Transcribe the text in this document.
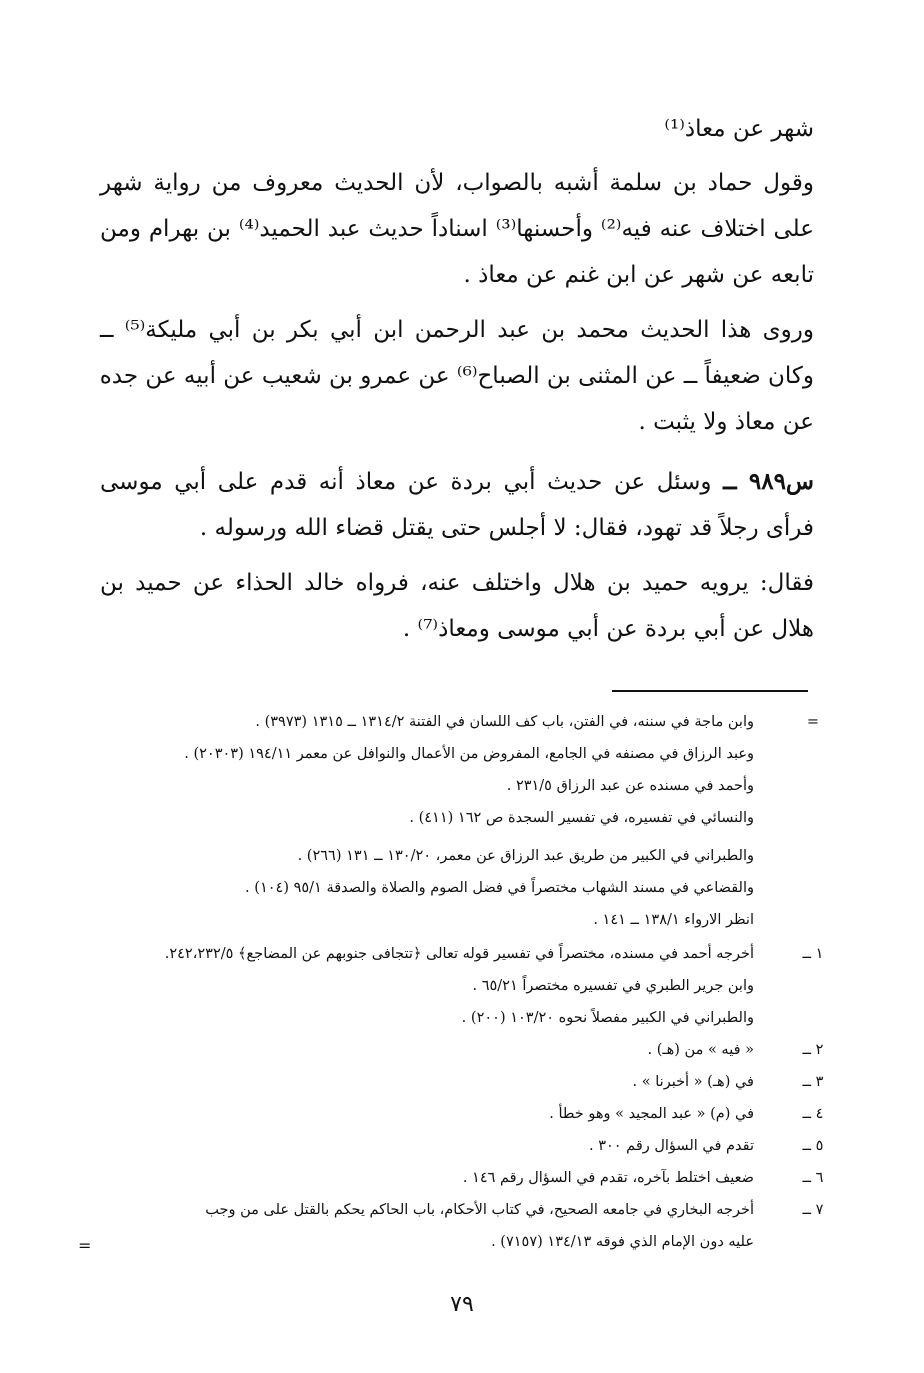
شهر عن معاذ⁽¹⁾
وقول حماد بن سلمة أشبه بالصواب، لأن الحديث معروف من رواية شهر
على اختلاف عنه فيه⁽²⁾ وأحسنها⁽³⁾ اسناداً حديث عبد الحميد⁽⁴⁾ بن بهرام ومن
تابعه عن شهر عن ابن غنم عن معاذ .
وروى هذا الحديث محمد بن عبد الرحمن ابن أبي بكر بن أبي مليكة⁽⁵⁾ ــ
وكان ضعيفاً ــ عن المثنى بن الصباح⁽⁶⁾ عن عمرو بن شعيب عن أبيه عن جده
عن معاذ ولا يثبت .
س٩٨٩ ــ وسئل عن حديث أبي بردة عن معاذ أنه قدم على أبي موسى
فرأى رجلاً قد تهود، فقال: لا أجلس حتى يقتل قضاء الله ورسوله .
فقال: يرويه حميد بن هلال واختلف عنه، فرواه خالد الحذاء عن حميد بن
هلال عن أبي بردة عن أبي موسى ومعاذ⁽⁷⁾ .
=
١ ــ
٢ ــ
٣ ــ
٤ ــ
٥ ــ
٦ ــ
٧ ــ
وابن ماجة في سننه، في الفتن، باب كف اللسان في الفتنة ١٣١٤/٢ ــ ١٣١٥ (٣٩٧٣) .
وعبد الرزاق في مصنفه في الجامع، المفروض من الأعمال والنوافل عن معمر ١٩٤/١١ (٢٠٣٠٣) .
وأحمد في مسنده عن عبد الرزاق ٢٣١/٥ .
والنسائي في تفسيره، في تفسير السجدة ص ١٦٢ (٤١١) .
والطبراني في الكبير من طريق عبد الرزاق عن معمر، ١٣٠/٢٠ ــ ١٣١ (٢٦٦) .
والقضاعي في مسند الشهاب مختصراً في فضل الصوم والصلاة والصدقة ٩٥/١ (١٠٤) .
انظر الارواء ١٣٨/١ ــ ١٤١ .
أخرجه أحمد في مسنده، مختصراً في تفسير قوله تعالى ﴿تتجافى جنوبهم عن المضاجع﴾ ٢٤٢،٢٣٢/٥.
وابن جرير الطبري في تفسيره مختصراً ٦٥/٢١ .
والطبراني في الكبير مفصلاً نحوه ١٠٣/٢٠ (٢٠٠) .
« فيه » من (هـ) .
في (هـ) « أخبرنا » .
في (م) « عبد المجيد » وهو خطأ .
تقدم في السؤال رقم ٣٠٠ .
ضعيف اختلط بآخره، تقدم في السؤال رقم ١٤٦ .
أخرجه البخاري في جامعه الصحيح، في كتاب الأحكام، باب الحاكم يحكم بالقتل على من وجب
عليه دون الإمام الذي فوقه ١٣٤/١٣ (٧١٥٧) .
=
٧٩
